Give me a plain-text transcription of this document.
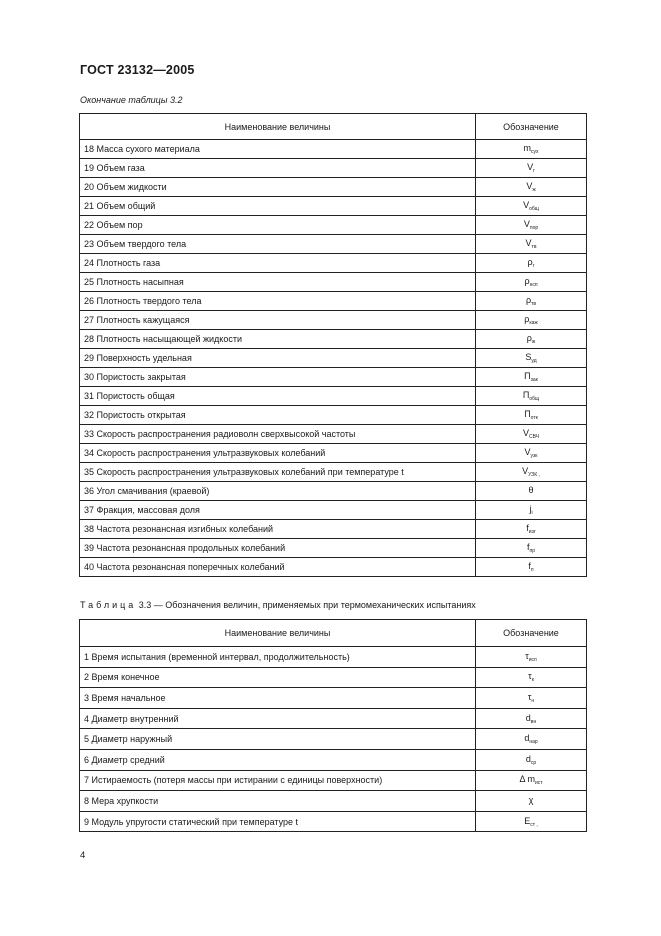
ГОСТ 23132—2005
Окончание таблицы 3.2
Наименование величины	Обозначение
18 Масса сухого материала	$m_{сух}$
19 Объем газа	$V_г$
20 Объем жидкости	$V_ж$
21 Объем общий	$V_{общ}$
22 Объем пор	$V_{пор}$
23 Объем твердого тела	$V_{тв}$
24 Плотность газа	$\rho_г$
25 Плотность насыпная	$\rho_{нсп}$
26 Плотность твердого тела	$\rho_{тв}$
27 Плотность кажущаяся	$\rho_{каж}$
28 Плотность насыщающей жидкости	$\rho_ж$
29 Поверхность удельная	$S_{уд}$
30 Пористость закрытая	$П_{зак}$
31 Пористость общая	$П_{общ}$
32 Пористость открытая	$П_{отк}$
33 Скорость распространения радиоволн сверхвысокой частоты	$V_{СВЧ}$
34 Скорость распространения ультразвуковых колебаний	$V_{узк}$
35 Скорость распространения ультразвуковых колебаний при температуре t	$V_{УЗК ,}$
36 Угол смачивания (краевой)	θ
37 Фракция, массовая доля	$j_i$
38 Частота резонансная изгибных колебаний	$f_{изг}$
39 Частота резонансная продольных колебаний	$f_{пр}$
40 Частота резонансная поперечных колебаний	$f_п$
Таблица 3.3 — Обозначения величин, применяемых при термомеханических испытаниях
Наименование величины	Обозначение
1 Время испытания (временной интервал, продолжительность)	$\tau_{исп}$
2 Время конечное	$\tau_к$
3 Время начальное	$\tau_н$
4 Диаметр внутренний	$d_{вн}$
5 Диаметр наружный	$d_{нар}$
6 Диаметр средний	$d_{ср}$
7 Истираемость (потеря массы при истирании с единицы поверхности)	Δ $m_{ист}$
8 Мера хрупкости	χ
9 Модуль упругости статический при температуре t	$E_{ст ,}$
4
